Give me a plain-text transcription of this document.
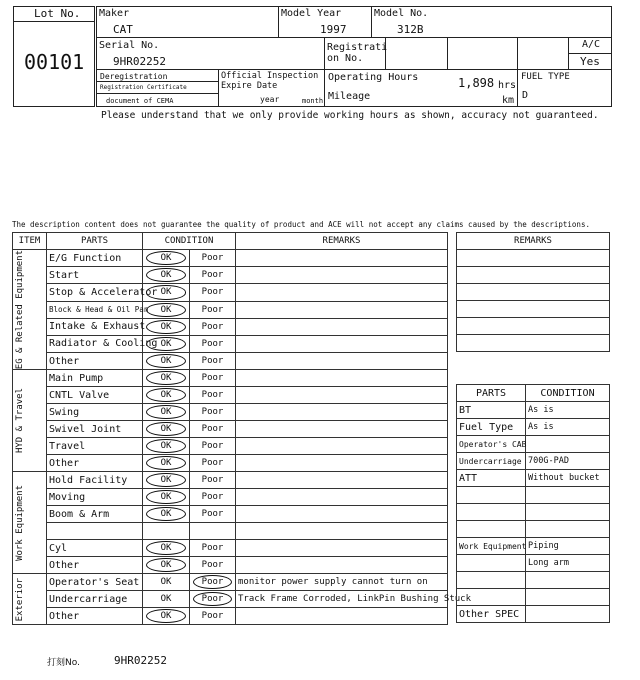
Lot No.
00101
Maker
CAT
Model Year
1997
Model No.
312B
Serial No.
9HR02252
Registrati on No.
A/C
Yes
Deregistration
Registration Certificate
document of CEMA
Official Inspection Expire Date
year	month
Operating Hours	1,898 hrs
Mileage	km
FUEL TYPE
D
Please understand that we only provide working hours as shown, accuracy not guaranteed.
The description content does not guarantee the quality of product and ACE will not accept any claims caused by the descriptions.
ITEM	PARTS	CONDITION		REMARKS

EG & Related Equipment	E/G Function	OK	Poor	
	Start	OK	Poor	
	Stop & Accelerator	OK	Poor	
	Block & Head & Oil Pan	OK	Poor	
	Intake & Exhaust	OK	Poor	
	Radiator & Cooling	OK	Poor	
	Other	OK	Poor	

HYD & Travel	Main Pump	OK	Poor	
	CNTL Valve	OK	Poor	
	Swing	OK	Poor	
	Swivel Joint	OK	Poor	
	Travel	OK	Poor	
	Other	OK	Poor	

Work Equipment	Hold Facility	OK	Poor	
	Moving	OK	Poor	
	Boom & Arm	OK	Poor	

	Cyl	OK	Poor	
	Other	OK	Poor	

Exterior	Operator's Seat	OK	Poor	monitor power supply cannot turn on
	Undercarriage	OK	Poor	Track Frame Corroded, LinkPin Bushing Stuck
	Other	OK	Poor	
REMARKS

PARTS	CONDITION
BT	As is
Fuel Type	As is
Operator's CAB	
Undercarriage	700G-PAD
ATT	Without bucket

Work Equipment	Piping
	Long arm

Other SPEC	
打刻No.	9HR02252
